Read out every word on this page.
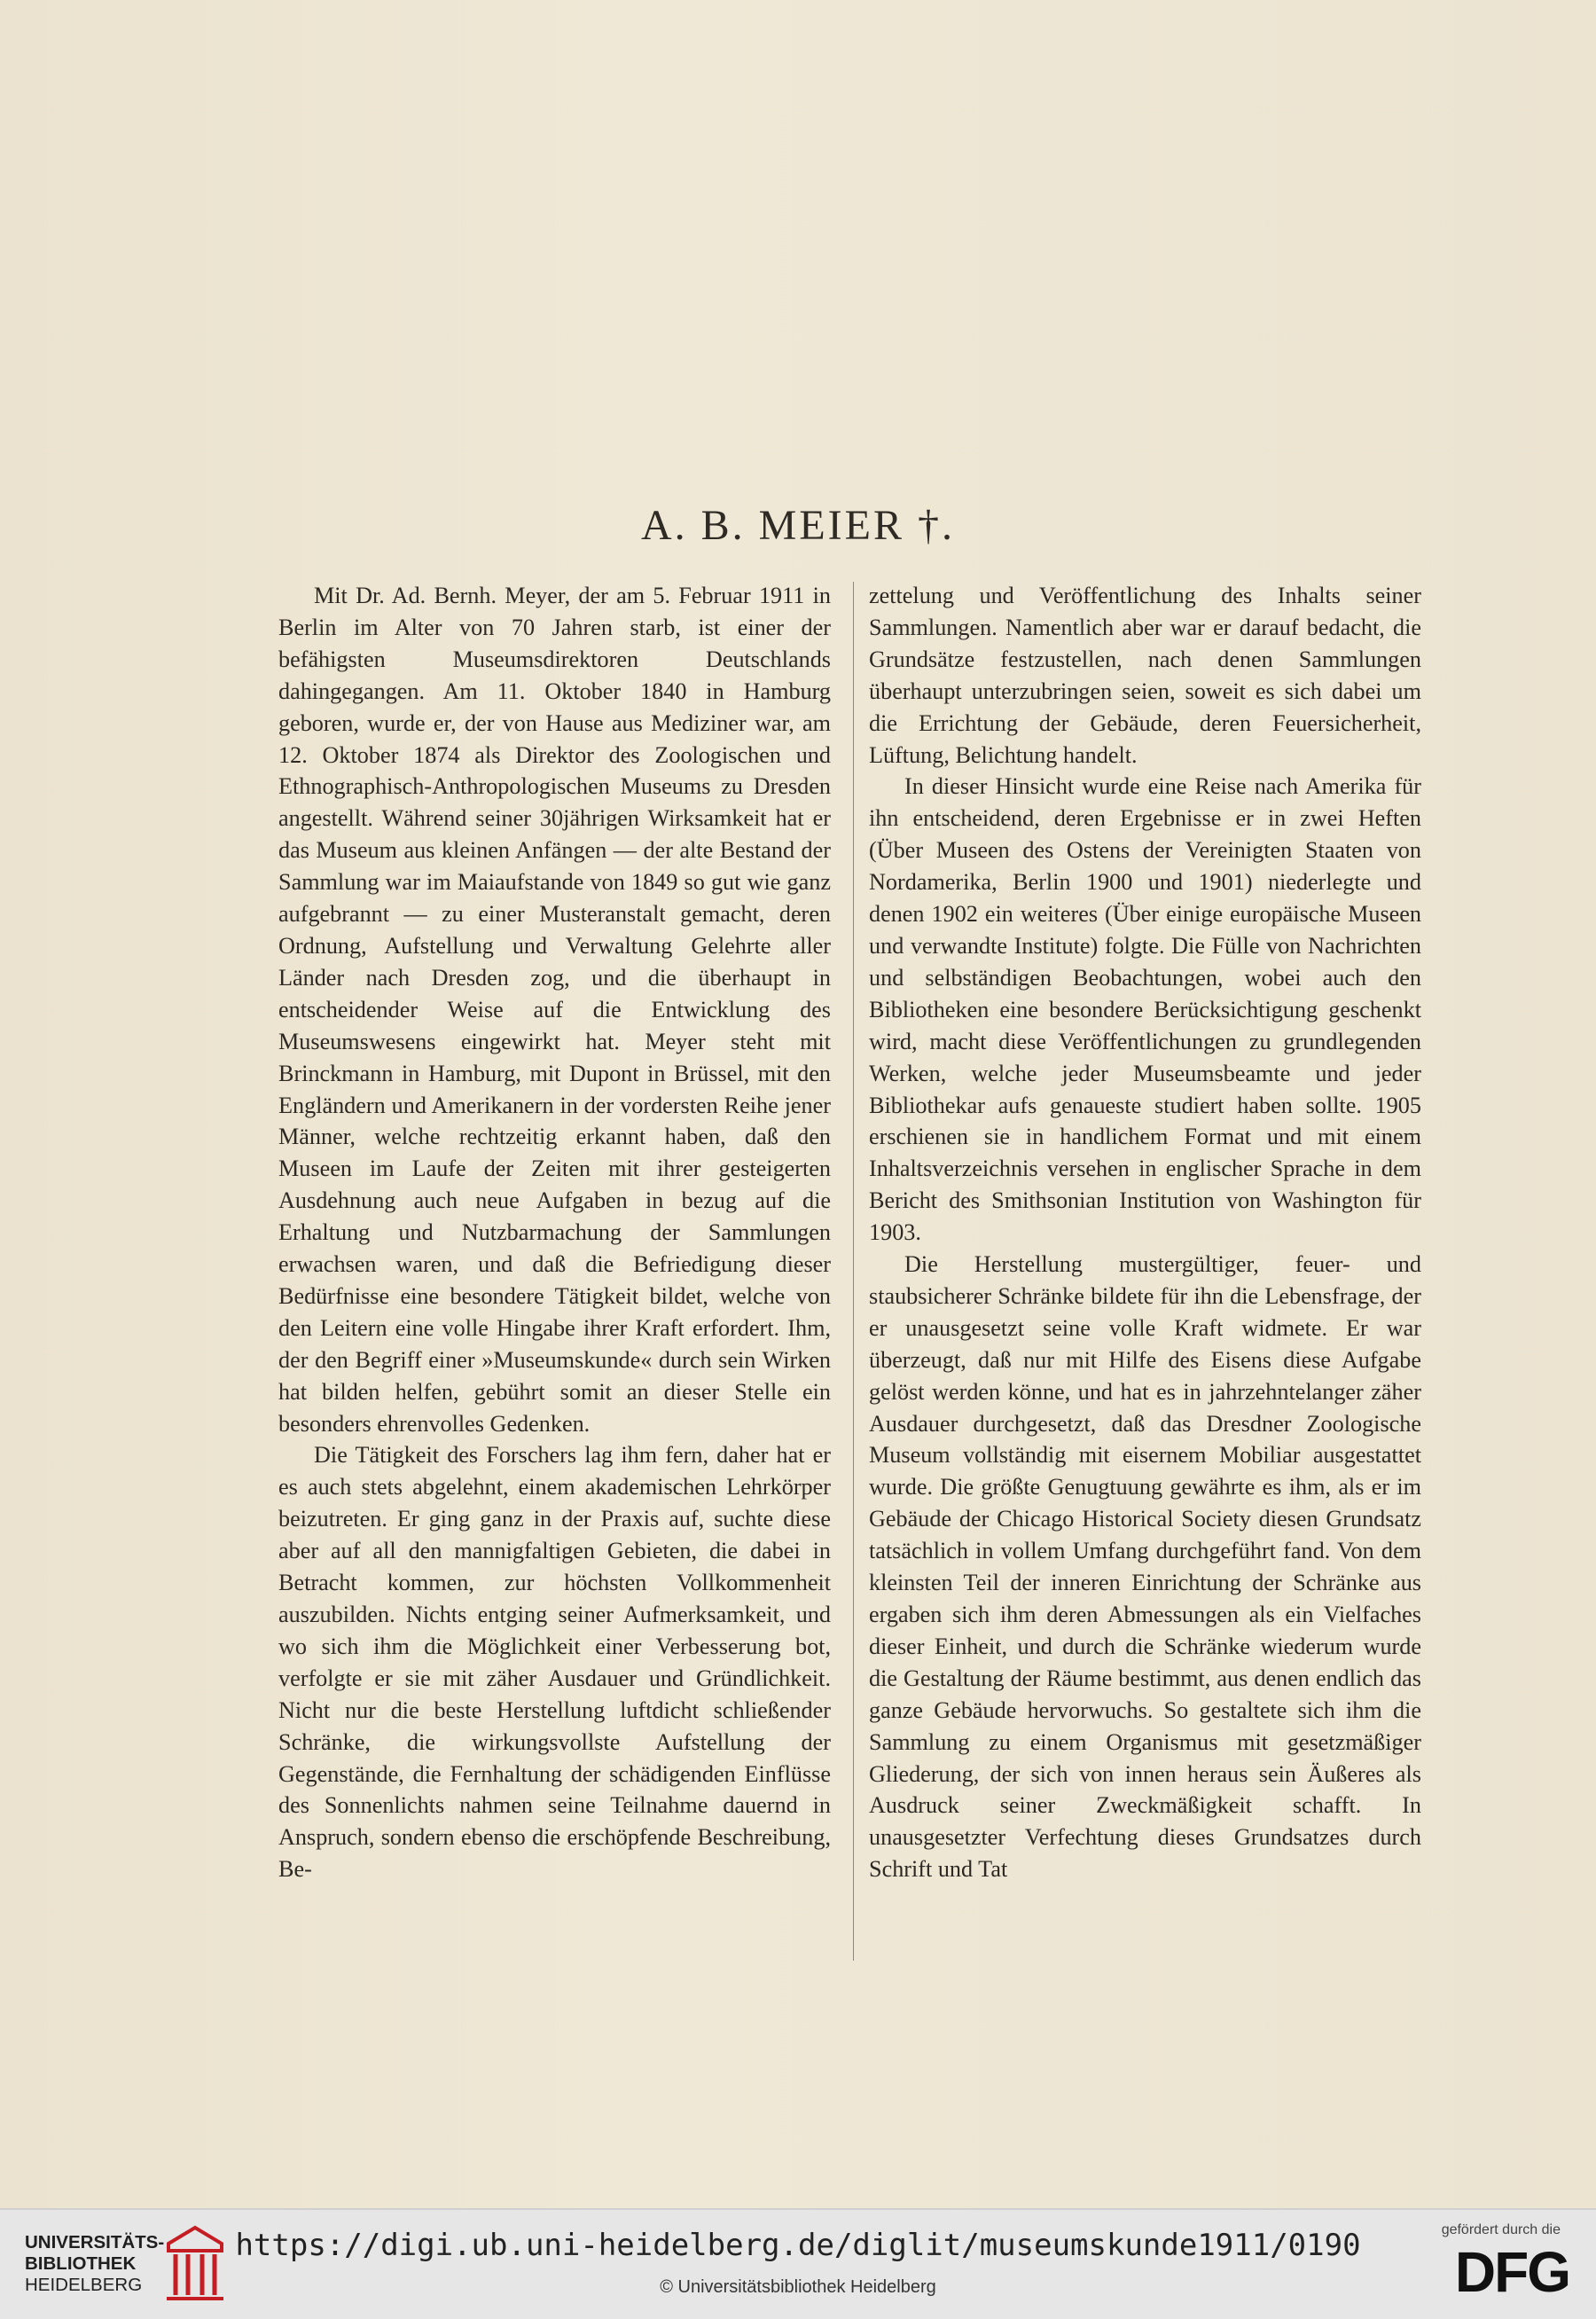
A. B. MEIER †.

Mit Dr. Ad. Bernh. Meyer, der am 5. Februar 1911 in Berlin im Alter von 70 Jahren starb, ist einer der befähigsten Museumsdirektoren Deutschlands dahingegangen. Am 11. Oktober 1840 in Hamburg geboren, wurde er, der von Hause aus Mediziner war, am 12. Oktober 1874 als Direktor des Zoologischen und Ethnographisch-Anthropologischen Museums zu Dresden angestellt. Während seiner 30jährigen Wirksamkeit hat er das Museum aus kleinen Anfängen — der alte Bestand der Sammlung war im Maiaufstande von 1849 so gut wie ganz aufgebrannt — zu einer Musteranstalt gemacht, deren Ordnung, Aufstellung und Verwaltung Gelehrte aller Länder nach Dresden zog, und die überhaupt in entscheidender Weise auf die Entwicklung des Museumswesens eingewirkt hat. Meyer steht mit Brinckmann in Hamburg, mit Dupont in Brüssel, mit den Engländern und Amerikanern in der vordersten Reihe jener Männer, welche rechtzeitig erkannt haben, daß den Museen im Laufe der Zeiten mit ihrer gesteigerten Ausdehnung auch neue Aufgaben in bezug auf die Erhaltung und Nutzbarmachung der Sammlungen erwachsen waren, und daß die Befriedigung dieser Bedürfnisse eine besondere Tätigkeit bildet, welche von den Leitern eine volle Hingabe ihrer Kraft erfordert. Ihm, der den Begriff einer »Museumskunde« durch sein Wirken hat bilden helfen, gebührt somit an dieser Stelle ein besonders ehrenvolles Gedenken.

Die Tätigkeit des Forschers lag ihm fern, daher hat er es auch stets abgelehnt, einem akademischen Lehrkörper beizutreten. Er ging ganz in der Praxis auf, suchte diese aber auf all den mannigfaltigen Gebieten, die dabei in Betracht kommen, zur höchsten Vollkommenheit auszubilden. Nichts entging seiner Aufmerksamkeit, und wo sich ihm die Möglichkeit einer Verbesserung bot, verfolgte er sie mit zäher Ausdauer und Gründlichkeit. Nicht nur die beste Herstellung luftdicht schließender Schränke, die wirkungsvollste Aufstellung der Gegenstände, die Fernhaltung der schädigenden Einflüsse des Sonnenlichts nahmen seine Teilnahme dauernd in Anspruch, sondern ebenso die erschöpfende Beschreibung, Be-

zettelung und Veröffentlichung des Inhalts seiner Sammlungen. Namentlich aber war er darauf bedacht, die Grundsätze festzustellen, nach denen Sammlungen überhaupt unterzubringen seien, soweit es sich dabei um die Errichtung der Gebäude, deren Feuersicherheit, Lüftung, Belichtung handelt.

In dieser Hinsicht wurde eine Reise nach Amerika für ihn entscheidend, deren Ergebnisse er in zwei Heften (Über Museen des Ostens der Vereinigten Staaten von Nordamerika, Berlin 1900 und 1901) niederlegte und denen 1902 ein weiteres (Über einige europäische Museen und verwandte Institute) folgte. Die Fülle von Nachrichten und selbständigen Beobachtungen, wobei auch den Bibliotheken eine besondere Berücksichtigung geschenkt wird, macht diese Veröffentlichungen zu grundlegenden Werken, welche jeder Museumsbeamte und jeder Bibliothekar aufs genaueste studiert haben sollte. 1905 erschienen sie in handlichem Format und mit einem Inhaltsverzeichnis versehen in englischer Sprache in dem Bericht des Smithsonian Institution von Washington für 1903.

Die Herstellung mustergültiger, feuer- und staubsicherer Schränke bildete für ihn die Lebensfrage, der er unausgesetzt seine volle Kraft widmete. Er war überzeugt, daß nur mit Hilfe des Eisens diese Aufgabe gelöst werden könne, und hat es in jahrzehntelanger zäher Ausdauer durchgesetzt, daß das Dresdner Zoologische Museum vollständig mit eisernem Mobiliar ausgestattet wurde. Die größte Genugtuung gewährte es ihm, als er im Gebäude der Chicago Historical Society diesen Grundsatz tatsächlich in vollem Umfang durchgeführt fand. Von dem kleinsten Teil der inneren Einrichtung der Schränke aus ergaben sich ihm deren Abmessungen als ein Vielfaches dieser Einheit, und durch die Schränke wiederum wurde die Gestaltung der Räume bestimmt, aus denen endlich das ganze Gebäude hervorwuchs. So gestaltete sich ihm die Sammlung zu einem Organismus mit gesetzmäßiger Gliederung, der sich von innen heraus sein Äußeres als Ausdruck seiner Zweckmäßigkeit schafft. In unausgesetzter Verfechtung dieses Grundsatzes durch Schrift und Tat

UNIVERSITÄTS-
BIBLIOTHEK
HEIDELBERG
https://digi.ub.uni-heidelberg.de/diglit/museumskunde1911/0190
© Universitätsbibliothek Heidelberg
gefördert durch die
DFG
